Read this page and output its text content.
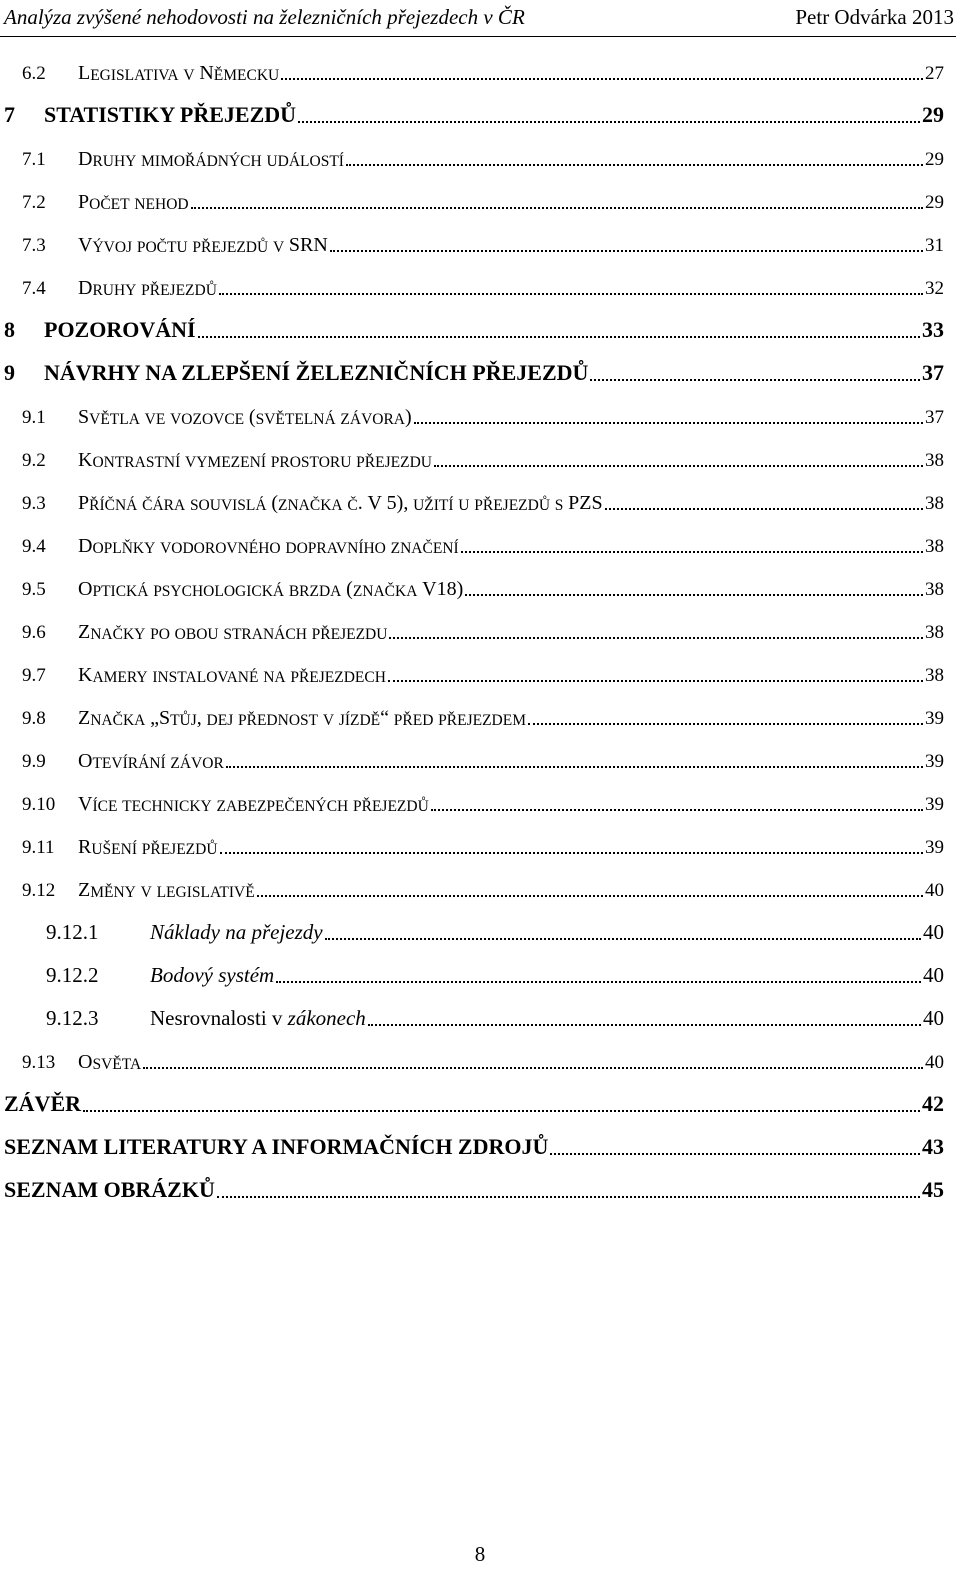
Analýza zvýšené nehodovosti na železničních přejezdech v ČR	Petr Odvárka 2013
6.2 L EGISLATIVA
V
N ĚMECKU	27
7 STATISTIKY PŘEJEZDŮ	29
7.1 D RUHY
MIMOŘÁDNÝCH
UDÁLOSTÍ	29
7.2 P OČET
NEHOD	29
7.3 V ÝVOJ
POČTU
PŘEJEZDŮ
V
SRN	31
7.4 D RUHY
PŘEJEZDŮ	32
8 POZOROVÁNÍ	33
9 NÁVRHY NA ZLEPŠENÍ ŽELEZNIČNÍCH PŘEJEZDŮ	37
9.1 S VĚTLA
VE
VOZOVCE
( SVĚTELNÁ
ZÁVORA )	37
9.2 K ONTRASTNÍ
VYMEZENÍ
PROSTORU
PŘEJEZDU	38
9.3 P ŘÍČNÁ
ČÁRA
SOUVISLÁ
( ZNAČKA
Č .
V
5),
UŽITÍ
U
PŘEJEZDŮ
S
PZS	38
9.4 D OPLŇKY
VODOROVNÉHO
DOPRAVNÍHO
ZNAČENÍ	38
9.5 O PTICKÁ
PSYCHOLOGICKÁ
BRZDA
( ZNAČKA
V18)	38
9.6 Z NAČKY
PO
OBOU
STRANÁCH
PŘEJEZDU	38
9.7 K AMERY
INSTALOVANÉ
NA
PŘEJEZDECH	38
9.8 Z NAČKA
„S TŮJ ,
DEJ
PŘEDNOST
V
JÍZDĚ “
PŘED
PŘEJEZDEM	39
9.9 O TEVÍRÁNÍ
ZÁVOR	39
9.10 V ÍCE
TECHNICKY
ZABEZPEČENÝCH
PŘEJEZDŮ	39
9.11 R UŠENÍ
PŘEJEZDŮ	39
9.12 Z MĚNY
V
LEGISLATIVĚ	40
9.12.1 Náklady na přejezdy	40
9.12.2 Bodový systém	40
9.12.3 Nesrovnalosti v zákonech	40
9.13 O SVĚTA	40
ZÁVĚR	42
SEZNAM LITERATURY A INFORMAČNÍCH ZDROJŮ	43
SEZNAM OBRÁZKŮ	45
8
